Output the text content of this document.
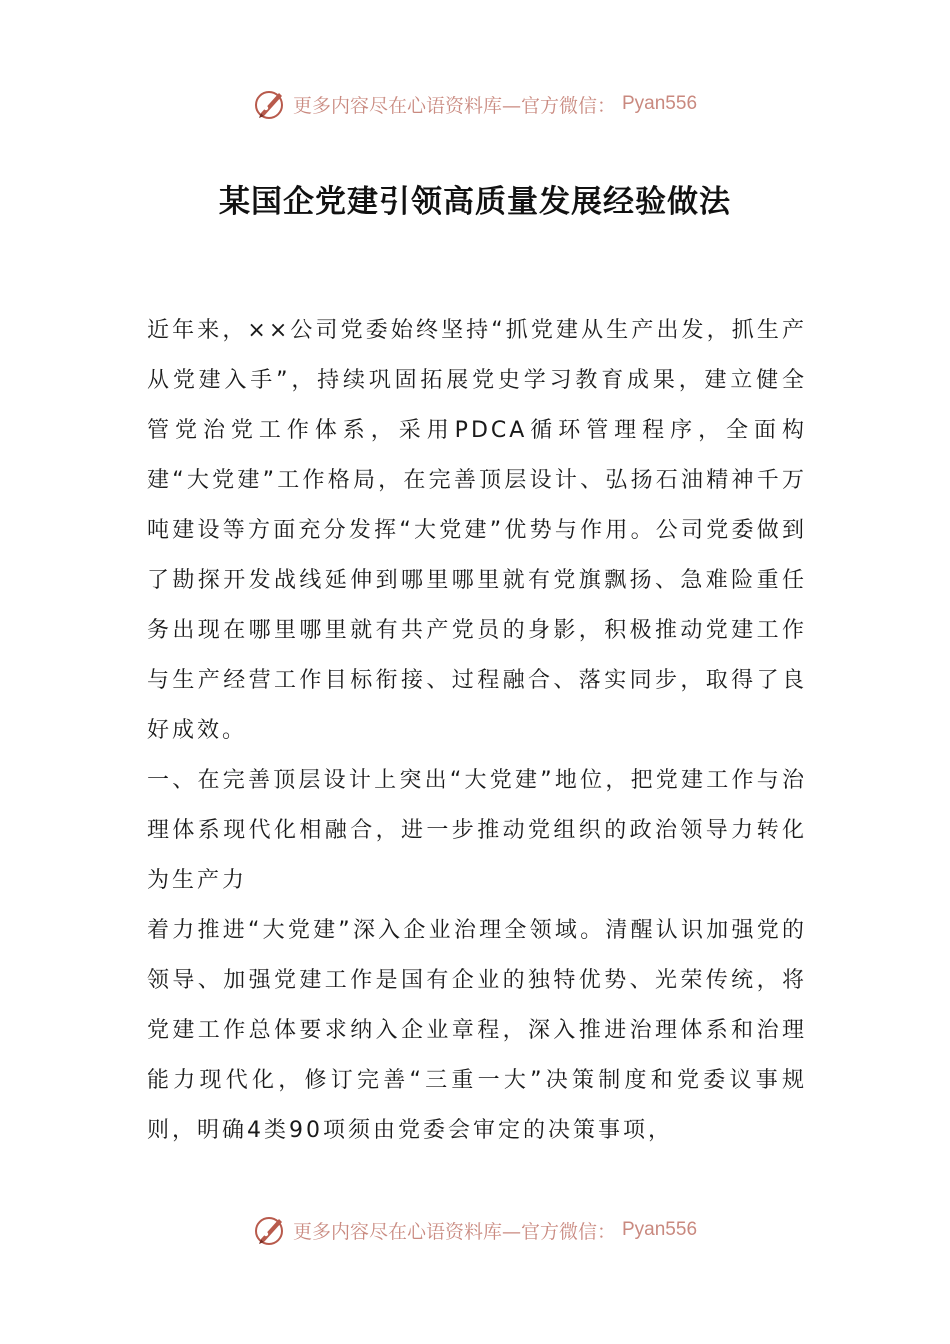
更多内容尽在心语资料库—官方微信： Pyan556
某国企党建引领高质量发展经验做法

近年来，××公司党委始终坚持“抓党建从生产出发，抓生产从党建入手”，持续巩固拓展党史学习教育成果，建立健全管党治党工作体系，采用PDCA循环管理程序，全面构建“大党建”工作格局，在完善顶层设计、弘扬石油精神千万吨建设等方面充分发挥“大党建”优势与作用。公司党委做到了勘探开发战线延伸到哪里哪里就有党旗飘扬、急难险重任务出现在哪里哪里就有共产党员的身影，积极推动党建工作与生产经营工作目标衔接、过程融合、落实同步，取得了良好成效。

一、在完善顶层设计上突出“大党建”地位，把党建工作与治理体系现代化相融合，进一步推动党组织的政治领导力转化为生产力

着力推进“大党建”深入企业治理全领域。清醒认识加强党的领导、加强党建工作是国有企业的独特优势、光荣传统，将党建工作总体要求纳入企业章程，深入推进治理体系和治理能力现代化，修订完善“三重一大”决策制度和党委议事规则，明确4类90项须由党委会审定的决策事项，

更多内容尽在心语资料库—官方微信： Pyan556
